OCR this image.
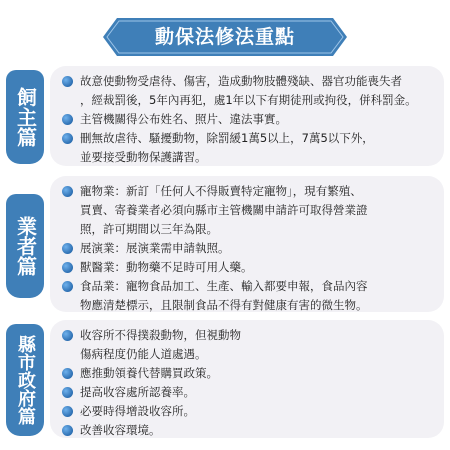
動保法修法重點
故意使動物受虐待、傷害，造成動物肢體殘缺、器官功能喪失者
，經裁罰後，5年內再犯，處1年以下有期徒刑或拘役，併科罰金。
主管機關得公布姓名、照片、違法事實。
刪無故虐待、騷擾動物，除罰緩1萬5以上，7萬5以下外，
並要接受動物保護講習。
飼主篇
寵物業：新訂「任何人不得販賣特定寵物」，現有繁殖、
買賣、寄養業者必須向縣市主管機關申請許可取得營業證
照，許可期間以三年為限。
展演業：展演業需申請執照。
獸醫業：動物藥不足時可用人藥。
食品業：寵物食品加工、生產、輸入都要申報，食品內容
物應清楚標示，且限制食品不得有對健康有害的微生物。
業者篇
收容所不得撲殺動物，但視動物
傷病程度仍能人道處遇。
應推動領養代替購買政策。
提高收容處所認養率。
必要時得增設收容所。
改善收容環境。
縣市政府篇
